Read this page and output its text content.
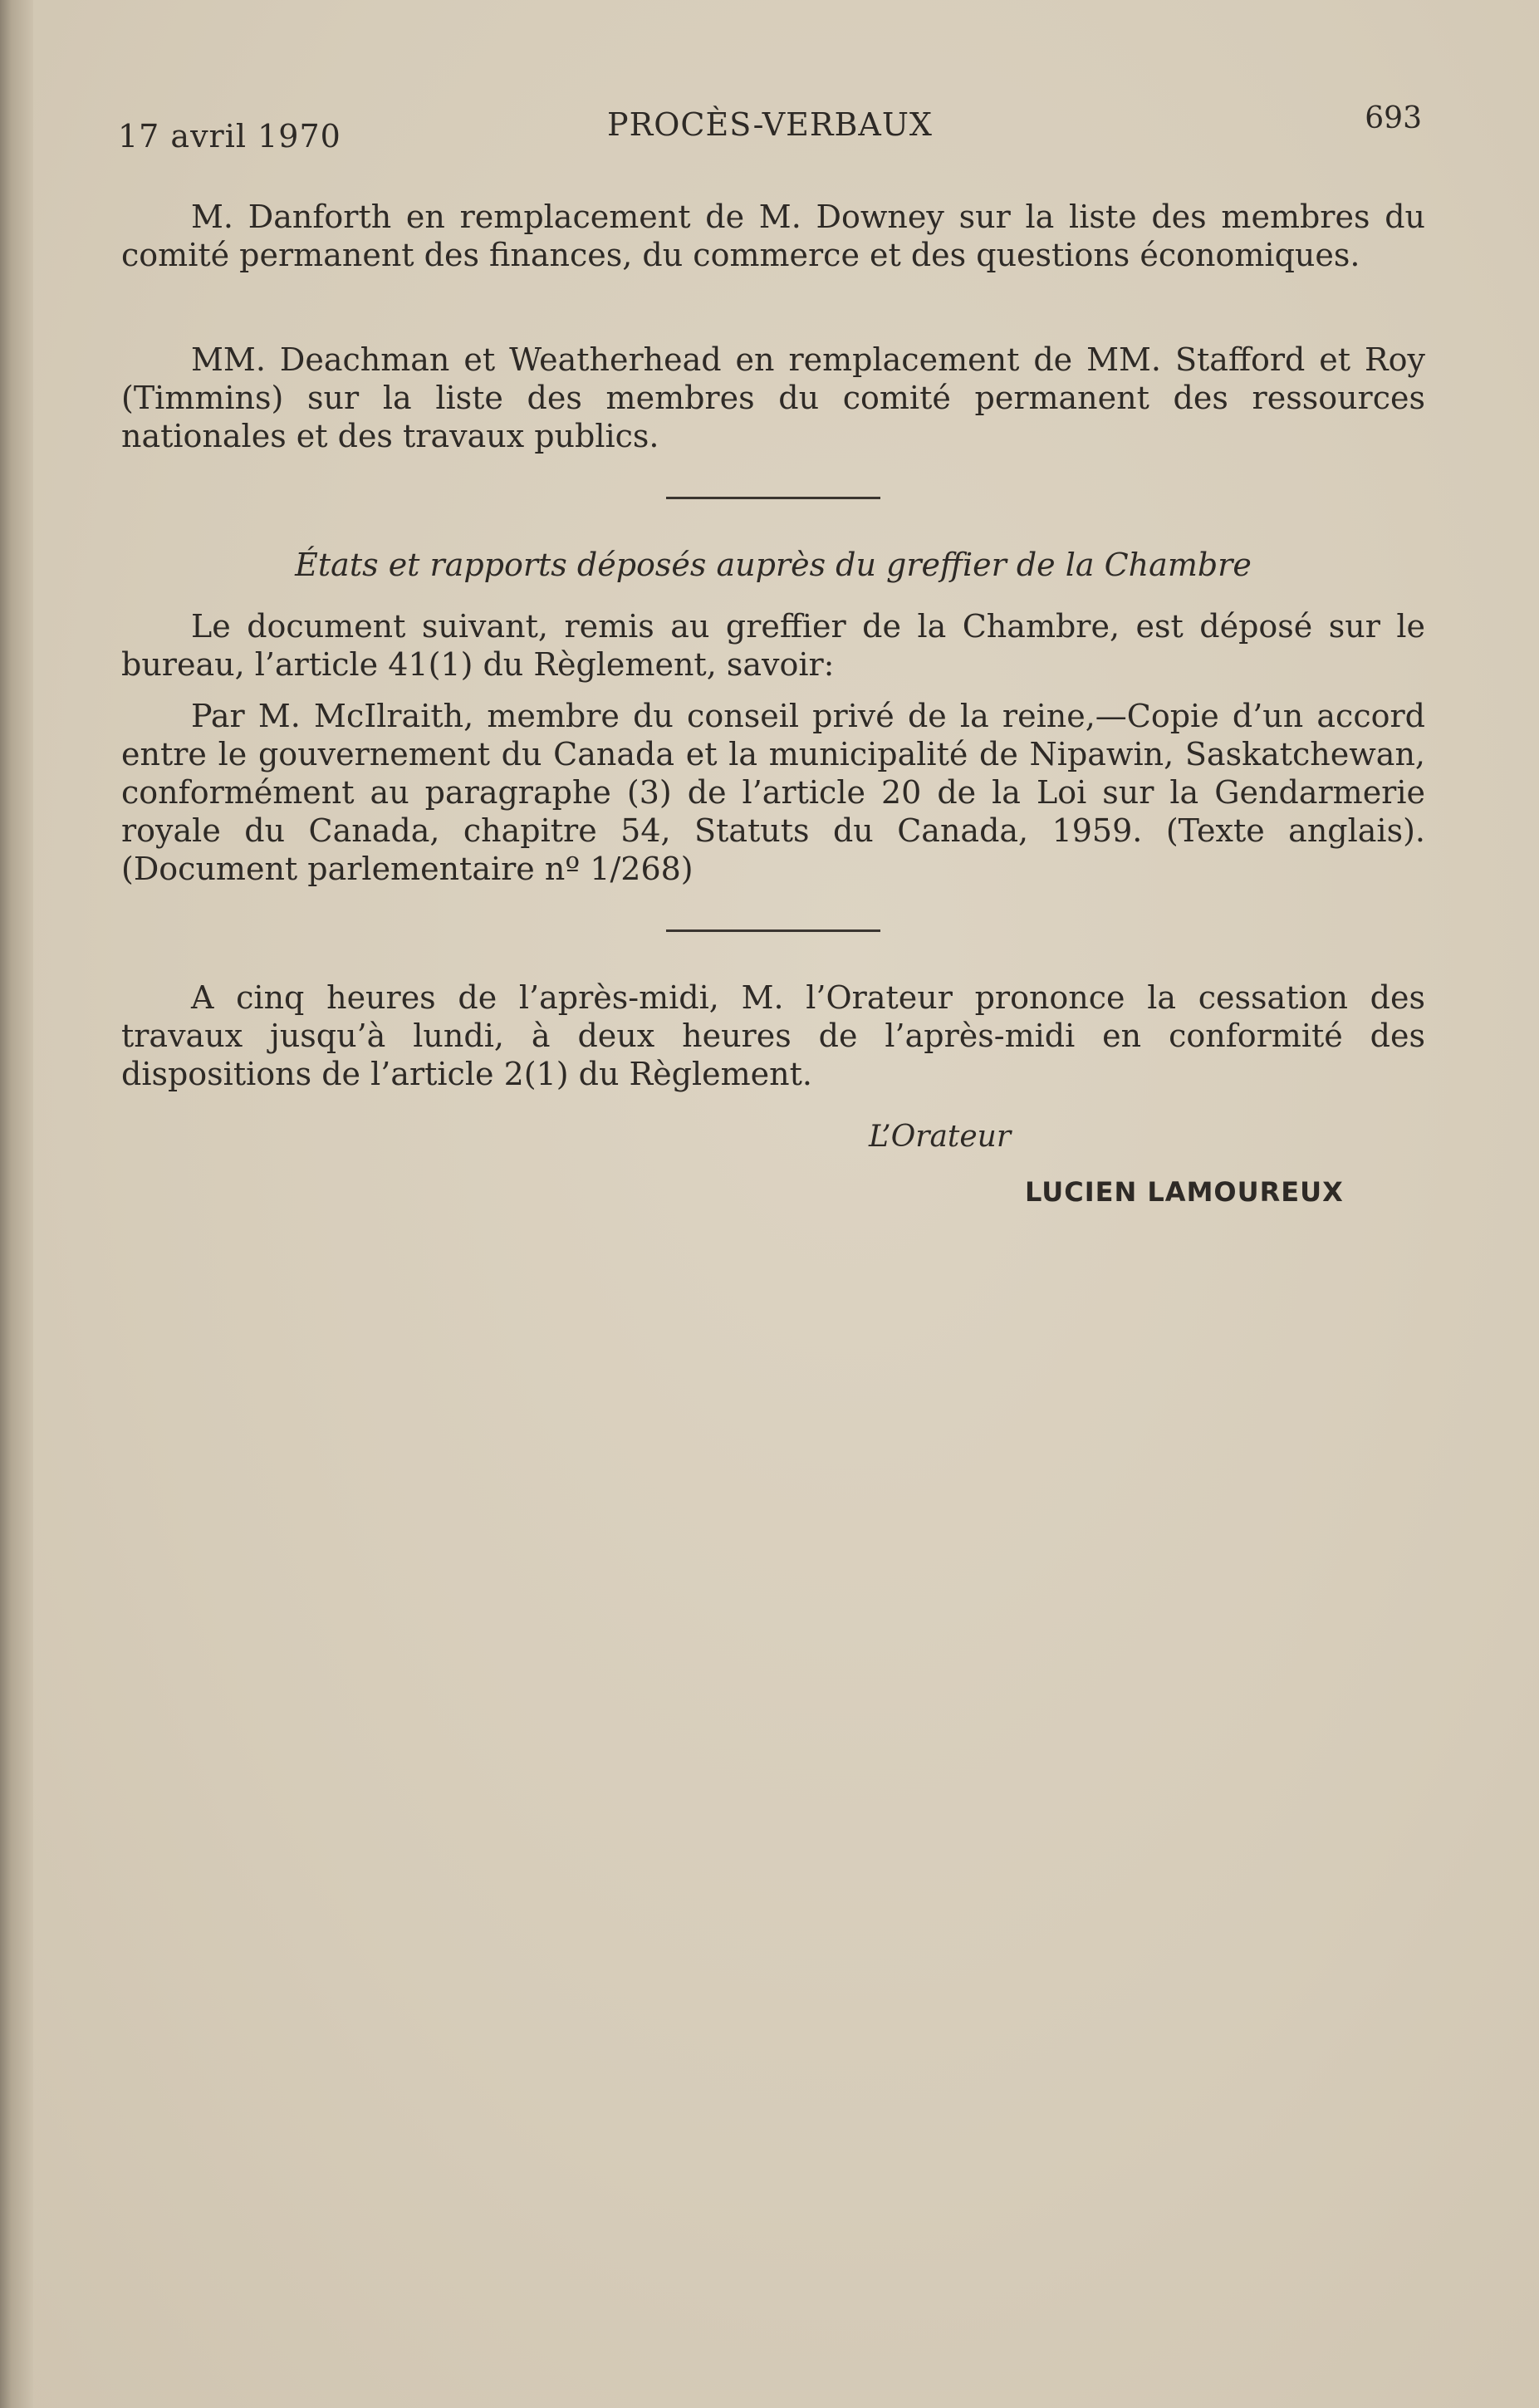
17 avril 1970	PROCÈS-VERBAUX	693

M. Danforth en remplacement de M. Downey sur la liste des membres du comité permanent des finances, du commerce et des questions économiques.

MM. Deachman et Weatherhead en remplacement de MM. Stafford et Roy (Timmins) sur la liste des membres du comité permanent des ressources nationales et des travaux publics.

États et rapports déposés auprès du greffier de la Chambre

Le document suivant, remis au greffier de la Chambre, est déposé sur le bureau, l’article 41(1) du Règlement, savoir:

Par M. McIlraith, membre du conseil privé de la reine,—Copie d’un accord entre le gouvernement du Canada et la municipalité de Nipawin, Saskatchewan, conformément au paragraphe (3) de l’article 20 de la Loi sur la Gendarmerie royale du Canada, chapitre 54, Statuts du Canada, 1959. (Texte anglais). (Document parlementaire nº 1/268)

A cinq heures de l’après-midi, M. l’Orateur prononce la cessation des travaux jusqu’à lundi, à deux heures de l’après-midi en conformité des dispositions de l’article 2(1) du Règlement.

L’Orateur
LUCIEN LAMOUREUX
